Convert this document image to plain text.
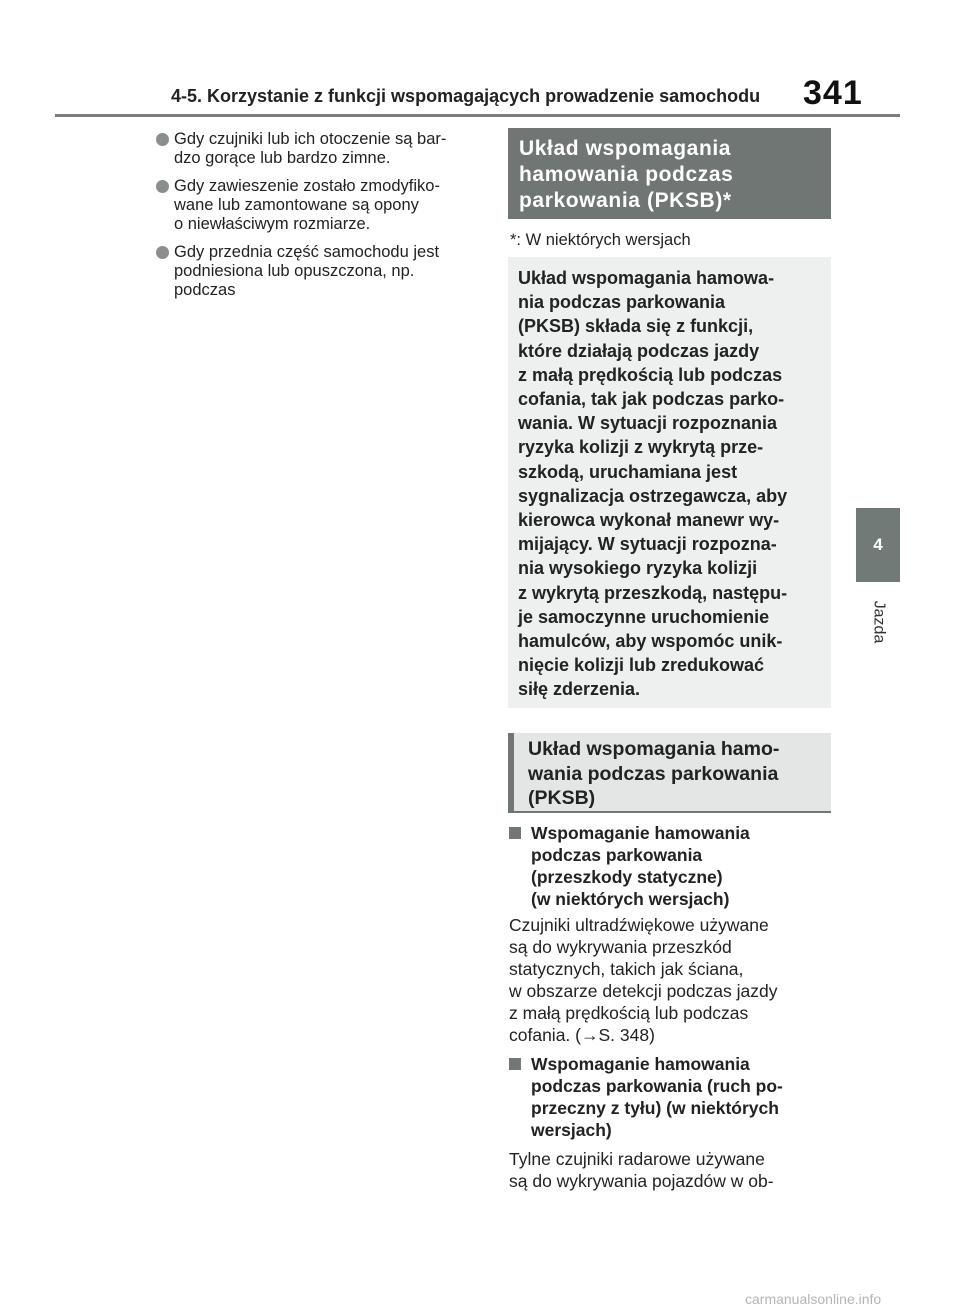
4-5. Korzystanie z funkcji wspomagających prowadzenie samochodu 341
4
Jazda
Gdy czujniki lub ich otoczenie są bar-
dzo gorące lub bardzo zimne.
Gdy zawieszenie zostało zmodyfiko-
wane lub zamontowane są opony
o niewłaściwym rozmiarze.
Gdy przednia część samochodu jest
podniesiona lub opuszczona, np.
podczas
Układ wspomagania
hamowania podczas
parkowania (PKSB)*
*: W niektórych wersjach
Układ wspomagania hamowa-
nia podczas parkowania
(PKSB) składa się z funkcji,
które działają podczas jazdy
z małą prędkością lub podczas
cofania, tak jak podczas parko-
wania. W sytuacji rozpoznania
ryzyka kolizji z wykrytą prze-
szkodą, uruchamiana jest
sygnalizacja ostrzegawcza, aby
kierowca wykonał manewr wy-
mijający. W sytuacji rozpozna-
nia wysokiego ryzyka kolizji
z wykrytą przeszkodą, następu-
je samoczynne uruchomienie
hamulców, aby wspomóc unik-
nięcie kolizji lub zredukować
siłę zderzenia.
Układ wspomagania hamo-
wania podczas parkowania
(PKSB)
Wspomaganie hamowania
podczas parkowania
(przeszkody statyczne)
(w niektórych wersjach)
Czujniki ultradźwiękowe używane
są do wykrywania przeszkód
statycznych, takich jak ściana,
w obszarze detekcji podczas jazdy
z małą prędkością lub podczas
cofania. (→S. 348)
Wspomaganie hamowania
podczas parkowania (ruch po-
przeczny z tyłu) (w niektórych
wersjach)
Tylne czujniki radarowe używane
są do wykrywania pojazdów w ob-
carmanualsonline.info
